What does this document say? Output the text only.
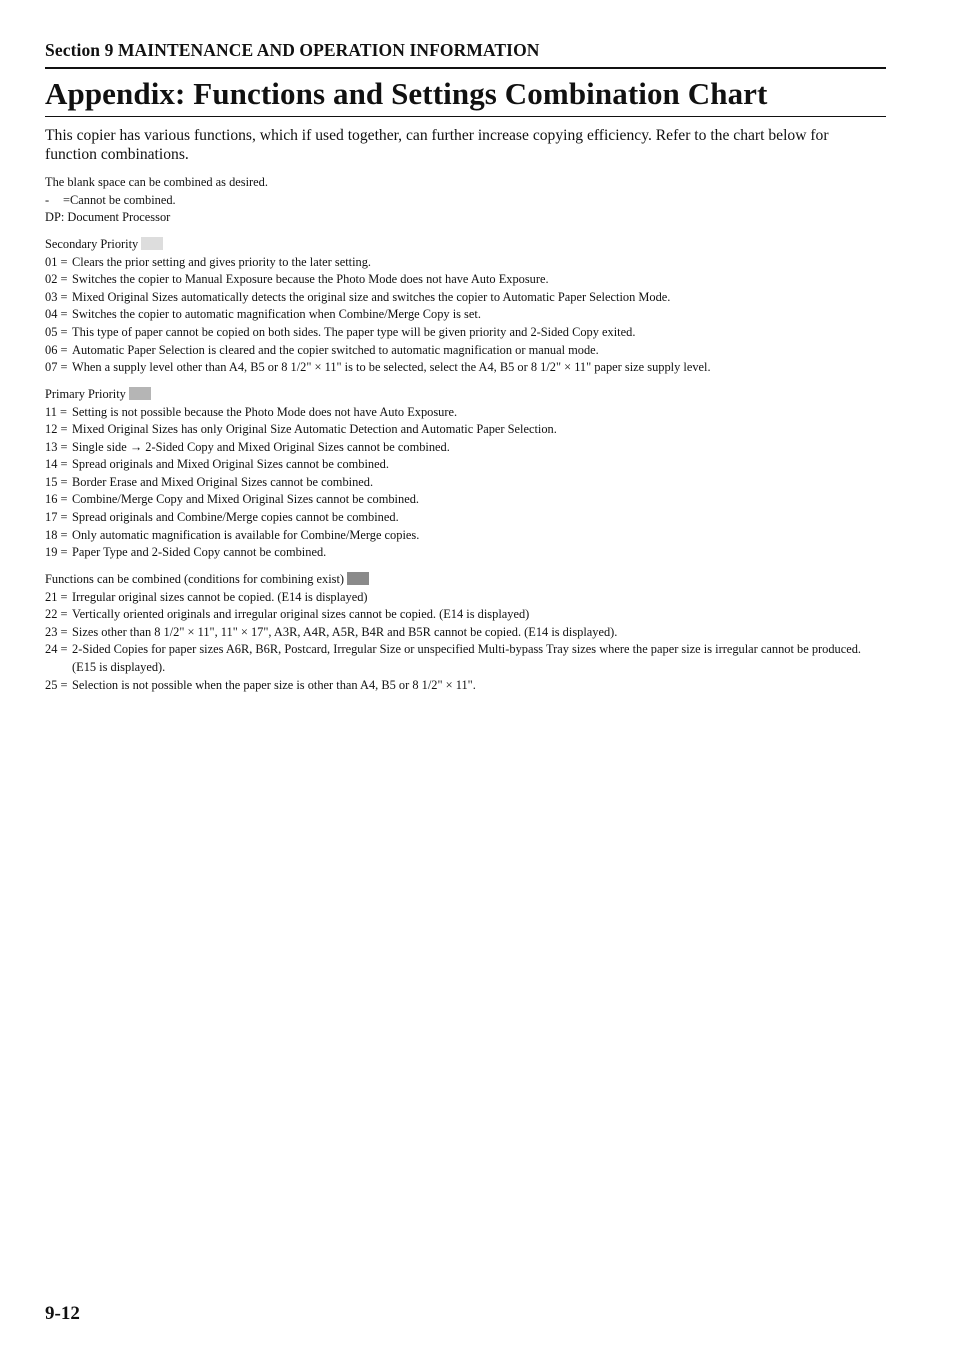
Section 9 MAINTENANCE AND OPERATION INFORMATION
Appendix: Functions and Settings Combination Chart
This copier has various functions, which if used together, can further increase copying efficiency. Refer to the chart below for function combinations.
The blank space can be combined as desired.
-	=Cannot be combined.
DP: Document Processor
Secondary Priority
01 = Clears the prior setting and gives priority to the later setting.
02 = Switches the copier to Manual Exposure because the Photo Mode does not have Auto Exposure.
03 = Mixed Original Sizes automatically detects the original size and switches the copier to Automatic Paper Selection Mode.
04 = Switches the copier to automatic magnification when Combine/Merge Copy is set.
05 = This type of paper cannot be copied on both sides. The paper type will be given priority and 2-Sided Copy exited.
06 = Automatic Paper Selection is cleared and the copier switched to automatic magnification or manual mode.
07 = When a supply level other than A4, B5 or 8 1/2" × 11" is to be selected, select the A4, B5 or 8 1/2" × 11" paper size supply level.
Primary Priority
11 = Setting is not possible because the Photo Mode does not have Auto Exposure.
12 = Mixed Original Sizes has only Original Size Automatic Detection and Automatic Paper Selection.
13 = Single side → 2-Sided Copy and Mixed Original Sizes cannot be combined.
14 = Spread originals and Mixed Original Sizes cannot be combined.
15 = Border Erase and Mixed Original Sizes cannot be combined.
16 = Combine/Merge Copy and Mixed Original Sizes cannot be combined.
17 = Spread originals and Combine/Merge copies cannot be combined.
18 = Only automatic magnification is available for Combine/Merge copies.
19 = Paper Type and 2-Sided Copy cannot be combined.
Functions can be combined (conditions for combining exist)
21 = Irregular original sizes cannot be copied. (E14 is displayed)
22 = Vertically oriented originals and irregular original sizes cannot be copied. (E14 is displayed)
23 = Sizes other than 8 1/2" × 11", 11" × 17", A3R, A4R, A5R, B4R and B5R cannot be copied. (E14 is displayed).
24 = 2-Sided Copies for paper sizes A6R, B6R, Postcard, Irregular Size or unspecified Multi-bypass Tray sizes where the paper size is irregular cannot be produced. (E15 is displayed).
25 = Selection is not possible when the paper size is other than A4, B5 or 8 1/2" × 11".
9-12
